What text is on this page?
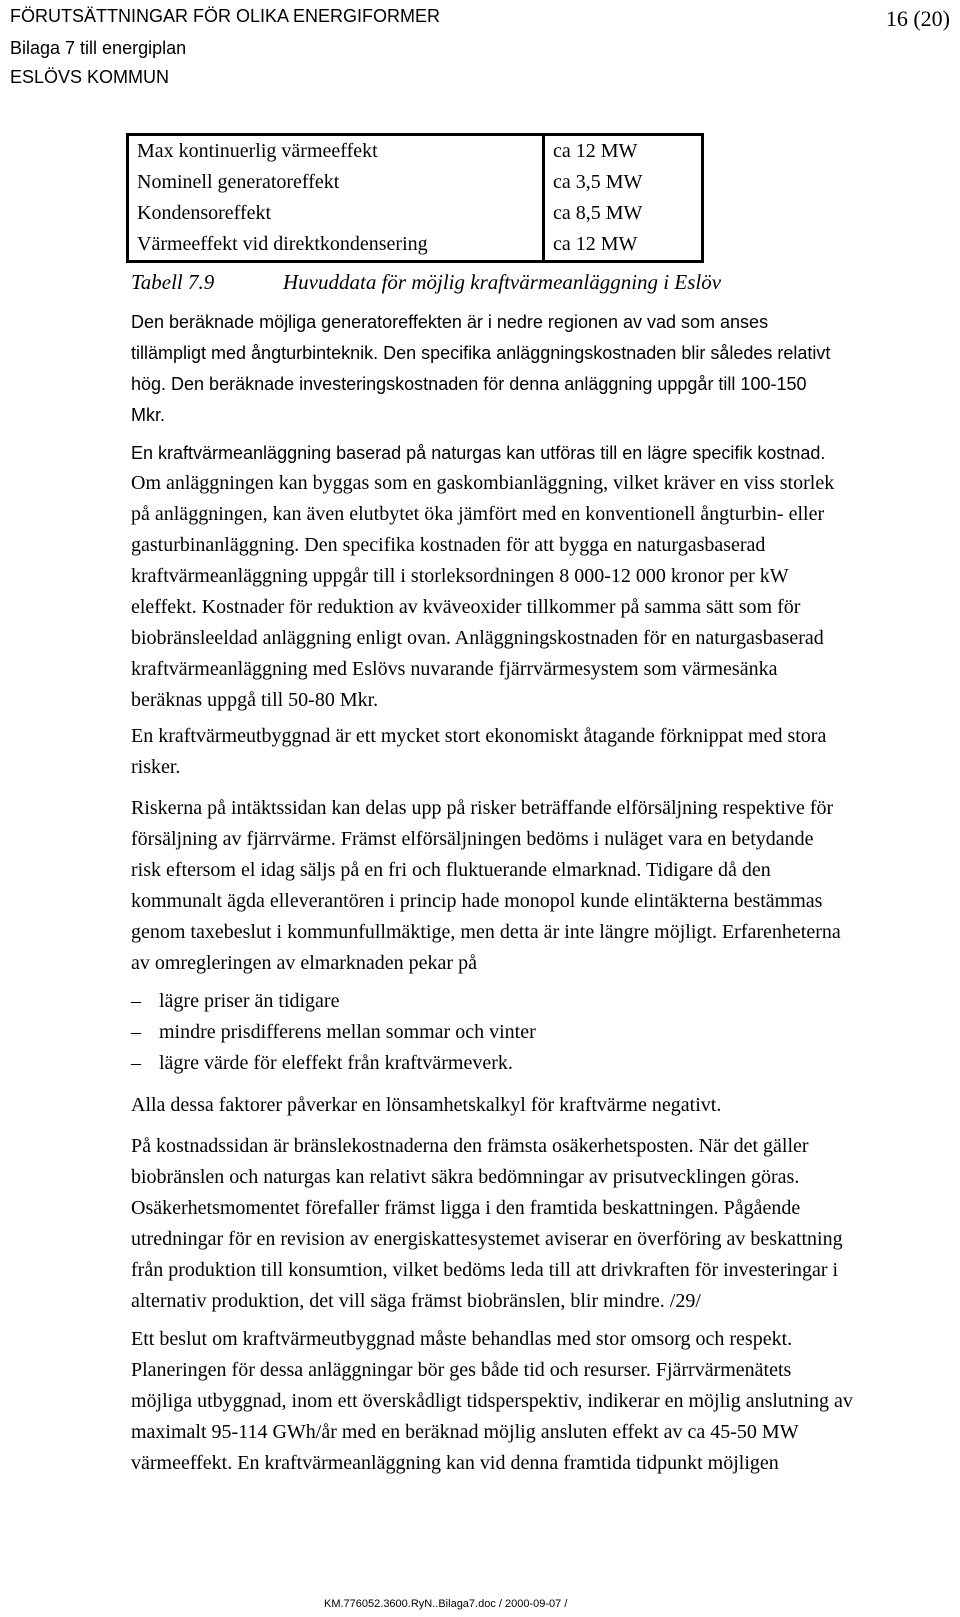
FÖRUTSÄTTNINGAR FÖR OLIKA ENERGIFORMER
Bilaga 7 till energiplan
ESLÖVS KOMMUN
16 (20)
Max kontinuerlig värmeeffekt	ca 12 MW
Nominell generatoreffekt	ca 3,5 MW
Kondensoreffekt	ca 8,5 MW
Värmeeffekt vid direktkondensering	ca 12 MW
Tabell 7.9	Huvuddata för möjlig kraftvärmeanläggning i Eslöv

Den beräknade möjliga generatoreffekten är i nedre regionen av vad som anses

tillämpligt med ångturbinteknik. Den specifika anläggningskostnaden blir således relativt

hög. Den beräknade investeringskostnaden för denna anläggning uppgår till 100-150

Mkr.

En kraftvärmeanläggning baserad på naturgas kan utföras till en lägre specifik kostnad.

Om anläggningen kan byggas som en gaskombianläggning, vilket kräver en viss storlek

på anläggningen, kan även elutbytet öka jämfört med en konventionell ångturbin- eller

gasturbinanläggning. Den specifika kostnaden för att bygga en naturgasbaserad

kraftvärmeanläggning uppgår till i storleksordningen 8 000-12 000 kronor per kW

eleffekt. Kostnader för reduktion av kväveoxider tillkommer på samma sätt som för

biobränsleeldad anläggning enligt ovan. Anläggningskostnaden för en naturgasbaserad

kraftvärmeanläggning med Eslövs nuvarande fjärrvärmesystem som värmesänka

beräknas uppgå till 50-80 Mkr.

En kraftvärmeutbyggnad är ett mycket stort ekonomiskt åtagande förknippat med stora

risker.

Riskerna på intäktssidan kan delas upp på risker beträffande elförsäljning respektive för

försäljning av fjärrvärme. Främst elförsäljningen bedöms i nuläget vara en betydande

risk eftersom el idag säljs på en fri och fluktuerande elmarknad. Tidigare då den

kommunalt ägda elleverantören i princip hade monopol kunde elintäkterna bestämmas

genom taxebeslut i kommunfullmäktige, men detta är inte längre möjligt. Erfarenheterna

av omregleringen av elmarknaden pekar på

– lägre priser än tidigare

– mindre prisdifferens mellan sommar och vinter

– lägre värde för eleffekt från kraftvärmeverk.

Alla dessa faktorer påverkar en lönsamhetskalkyl för kraftvärme negativt.

På kostnadssidan är bränslekostnaderna den främsta osäkerhetsposten. När det gäller

biobränslen och naturgas kan relativt säkra bedömningar av prisutvecklingen göras.

Osäkerhetsmomentet förefaller främst ligga i den framtida beskattningen. Pågående

utredningar för en revision av energiskattesystemet aviserar en överföring av beskattning

från produktion till konsumtion, vilket bedöms leda till att drivkraften för investeringar i

alternativ produktion, det vill säga främst biobränslen, blir mindre. /29/

Ett beslut om kraftvärmeutbyggnad måste behandlas med stor omsorg och respekt.

Planeringen för dessa anläggningar bör ges både tid och resurser. Fjärrvärmenätets

möjliga utbyggnad, inom ett överskådligt tidsperspektiv, indikerar en möjlig anslutning av

maximalt 95-114 GWh/år med en beräknad möjlig ansluten effekt av ca 45-50 MW

värmeeffekt. En kraftvärmeanläggning kan vid denna framtida tidpunkt möjligen

KM.776052.3600.RyN..Bilaga7.doc / 2000-09-07 /
